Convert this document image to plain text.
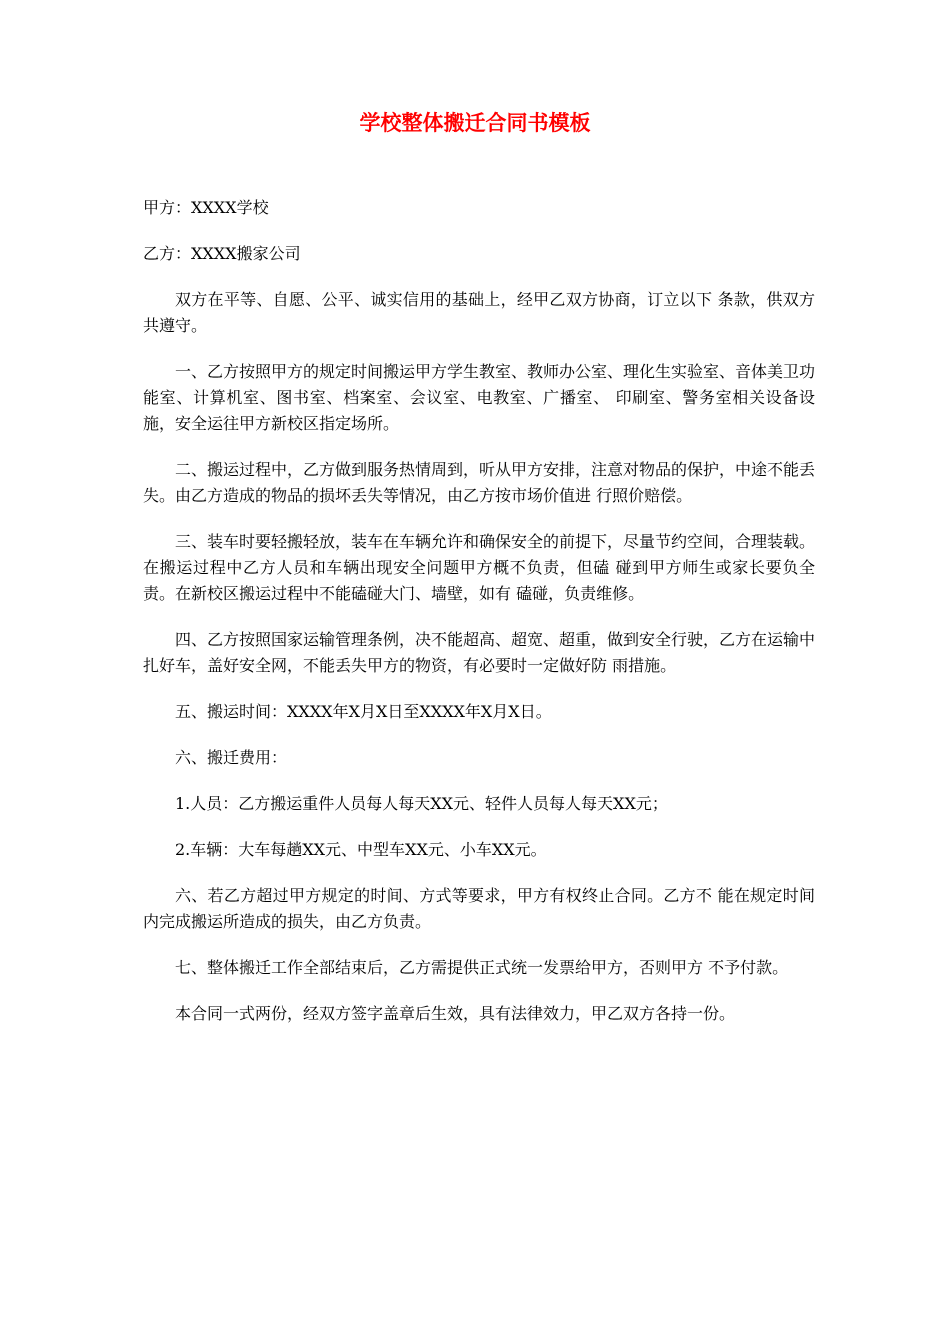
学校整体搬迁合同书模板

甲方：XXXX学校

乙方：XXXX搬家公司

双方在平等、自愿、公平、诚实信用的基础上，经甲乙双方协商，订立以下 条款，供双方共遵守。

一、乙方按照甲方的规定时间搬运甲方学生教室、教师办公室、理化生实验室、音体美卫功能室、计算机室、图书室、档案室、会议室、电教室、广播室、 印刷室、警务室相关设备设施，安全运往甲方新校区指定场所。

二、搬运过程中，乙方做到服务热情周到，听从甲方安排，注意对物品的保护，中途不能丢失。由乙方造成的物品的损坏丢失等情况，由乙方按市场价值进 行照价赔偿。

三、装车时要轻搬轻放，装车在车辆允许和确保安全的前提下，尽量节约空间，合理装载。在搬运过程中乙方人员和车辆出现安全问题甲方概不负责，但磕 碰到甲方师生或家长要负全责。在新校区搬运过程中不能磕碰大门、墙壁，如有 磕碰，负责维修。

四、乙方按照国家运输管理条例，决不能超高、超宽、超重，做到安全行驶，乙方在运输中扎好车，盖好安全网，不能丢失甲方的物资，有必要时一定做好防 雨措施。

五、搬运时间：XXXX年X月X日至XXXX年X月X日。

六、搬迁费用：

1.人员：乙方搬运重件人员每人每天XX元、轻件人员每人每天XX元；

2.车辆：大车每趟XX元、中型车XX元、小车XX元。

六、若乙方超过甲方规定的时间、方式等要求，甲方有权终止合同。乙方不 能在规定时间内完成搬运所造成的损失，由乙方负责。

七、整体搬迁工作全部结束后，乙方需提供正式统一发票给甲方，否则甲方 不予付款。

本合同一式两份，经双方签字盖章后生效，具有法律效力，甲乙双方各持一份。
